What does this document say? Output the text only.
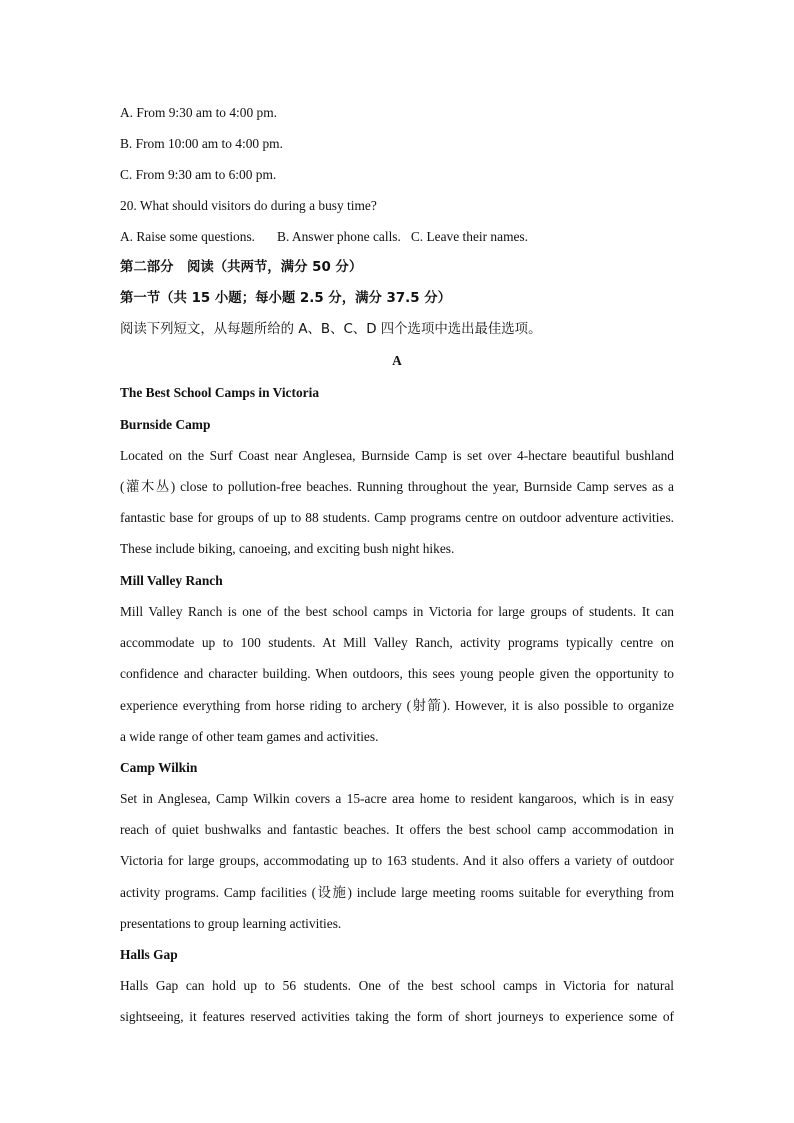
A. From 9:30 am to 4:00 pm.
B. From 10:00 am to 4:00 pm.
C. From 9:30 am to 6:00 pm.
20. What should visitors do during a busy time?
A. Raise some questions. B. Answer phone calls. C. Leave their names.
第二部分　阅读（共两节，满分 50 分）
第一节（共 15 小题；每小题 2.5 分，满分 37.5 分）
阅读下列短文，从每题所给的 A、B、C、D 四个选项中选出最佳选项。
A
The Best School Camps in Victoria
Burnside Camp
Located on the Surf Coast near Anglesea, Burnside Camp is set over 4-hectare beautiful bushland
(灌木丛) close to pollution-free beaches. Running throughout the year, Burnside Camp serves as a
fantastic base for groups of up to 88 students. Camp programs centre on outdoor adventure activities.
These include biking, canoeing, and exciting bush night hikes.
Mill Valley Ranch
Mill Valley Ranch is one of the best school camps in Victoria for large groups of students. It can
accommodate up to 100 students. At Mill Valley Ranch, activity programs typically centre on
confidence and character building. When outdoors, this sees young people given the opportunity to
experience everything from horse riding to archery (射箭). However, it is also possible to organize
a wide range of other team games and activities.
Camp Wilkin
Set in Anglesea, Camp Wilkin covers a 15-acre area home to resident kangaroos, which is in easy
reach of quiet bushwalks and fantastic beaches. It offers the best school camp accommodation in
Victoria for large groups, accommodating up to 163 students. And it also offers a variety of outdoor
activity programs. Camp facilities (设施) include large meeting rooms suitable for everything from
presentations to group learning activities.
Halls Gap
Halls Gap can hold up to 56 students. One of the best school camps in Victoria for natural
sightseeing, it features reserved activities taking the form of short journeys to experience some of
